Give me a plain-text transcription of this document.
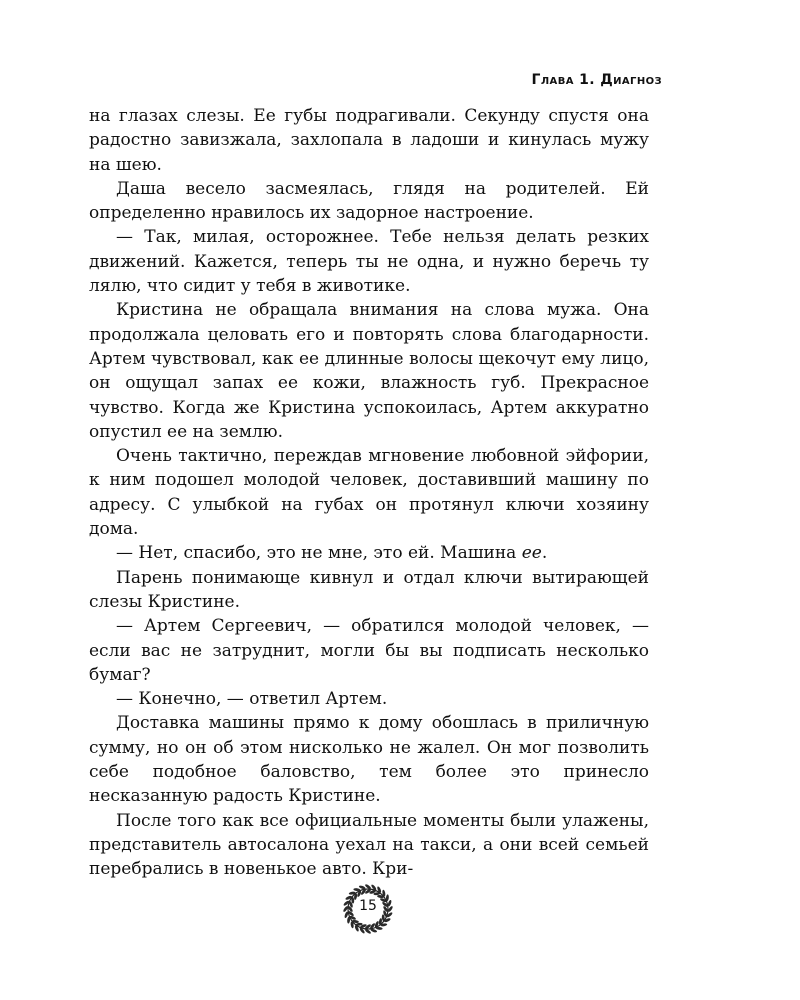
Глава 1. Диагноз

на глазах слезы. Ее губы подрагивали. Секунду спустя она радостно завизжала, захлопала в ладоши и кинулась мужу на шею.

Даша весело засмеялась, глядя на родителей. Ей определенно нравилось их задорное настроение.

— Так, милая, осторожнее. Тебе нельзя делать резких движений. Кажется, теперь ты не одна, и нужно беречь ту лялю, что сидит у тебя в животике.

Кристина не обращала внимания на слова мужа. Она продолжала целовать его и повторять слова благодарности. Артем чувствовал, как ее длинные волосы щекочут ему лицо, он ощущал запах ее кожи, влажность губ. Прекрасное чувство. Когда же Кристина успокоилась, Артем аккуратно опустил ее на землю.

Очень тактично, переждав мгновение любовной эйфории, к ним подошел молодой человек, доставивший машину по адресу. С улыбкой на губах он протянул ключи хозяину дома.

— Нет, спасибо, это не мне, это ей. Машина ее.

Парень понимающе кивнул и отдал ключи вытирающей слезы Кристине.

— Артем Сергеевич, — обратился молодой человек, — если вас не затруднит, могли бы вы подписать несколько бумаг?

— Конечно, — ответил Артем.

Доставка машины прямо к дому обошлась в приличную сумму, но он об этом нисколько не жалел. Он мог позволить себе подобное баловство, тем более это принесло несказанную радость Кристине.

После того как все официальные моменты были улажены, представитель автосалона уехал на такси, а они всей семьей перебрались в новенькое авто. Кри-

15
